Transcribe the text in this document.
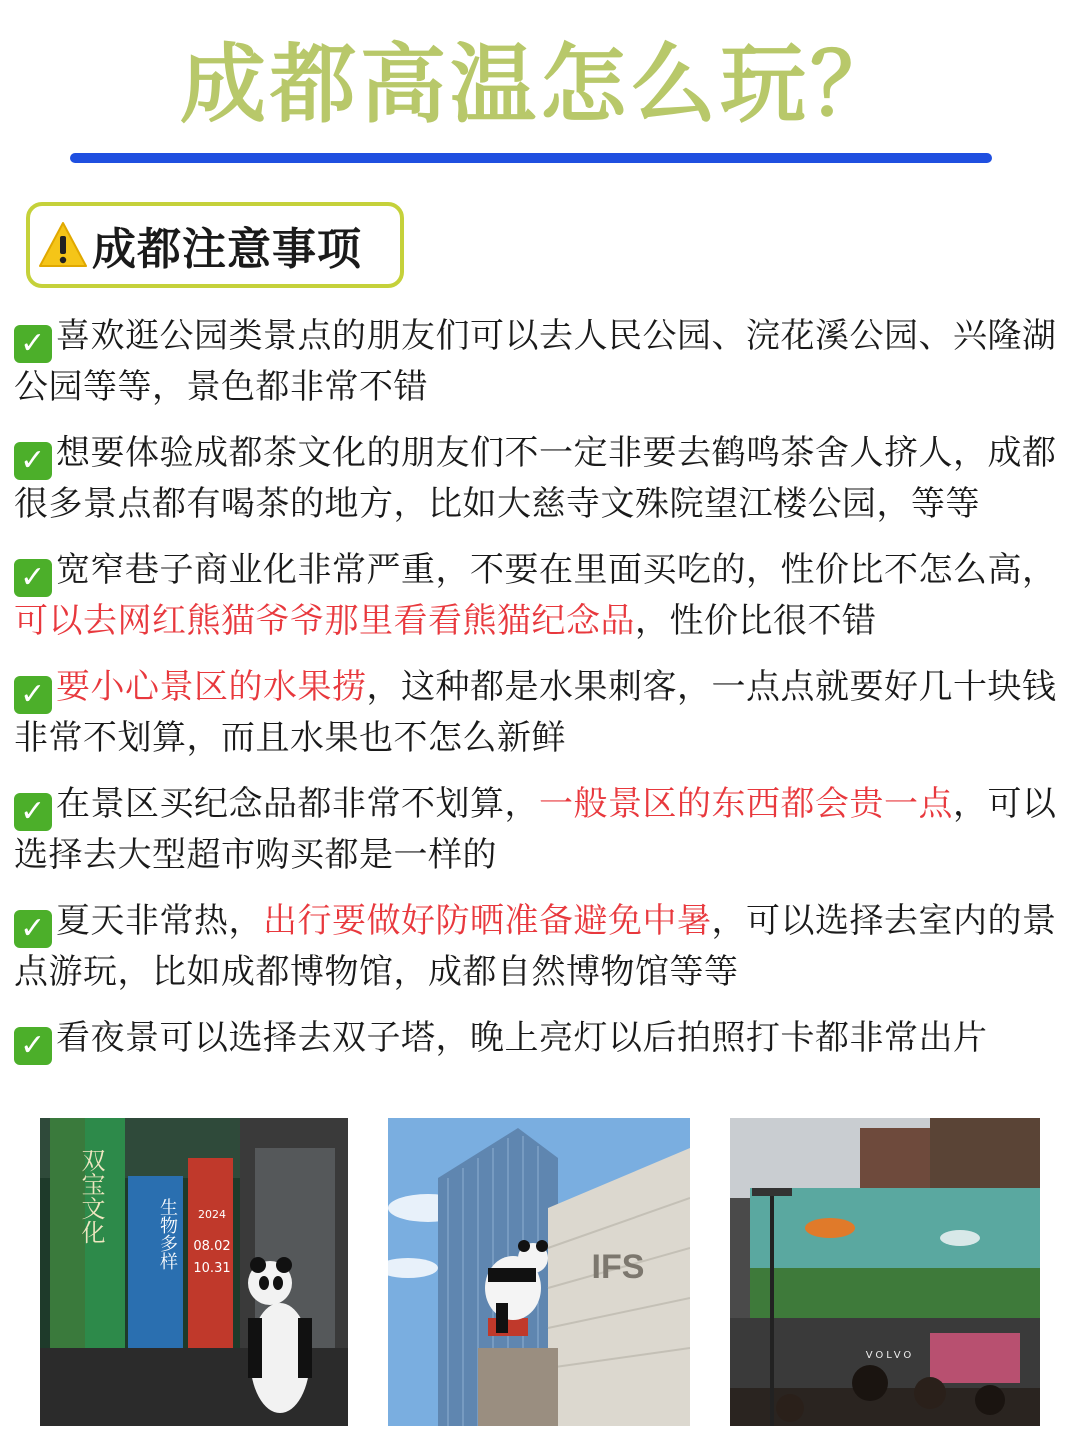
成都高温怎么玩？
成都注意事项
✓ 喜欢逛公园类景点的朋友们可以去人民公园、浣花溪公园、兴隆湖公园等等，景色都非常不错
✓ 想要体验成都茶文化的朋友们不一定非要去鹤鸣茶舍人挤人，成都很多景点都有喝茶的地方，比如大慈寺文殊院望江楼公园，等等
✓ 宽窄巷子商业化非常严重，不要在里面买吃的，性价比不怎么高，可以去网红熊猫爷爷那里看看熊猫纪念品，性价比很不错
✓ 要小心景区的水果捞，这种都是水果刺客，一点点就要好几十块钱非常不划算，而且水果也不怎么新鲜
✓ 在景区买纪念品都非常不划算，一般景区的东西都会贵一点，可以选择去大型超市购买都是一样的
✓ 夏天非常热，出行要做好防晒准备避免中暑，可以选择去室内的景点游玩，比如成都博物馆，成都自然博物馆等等
✓ 看夜景可以选择去双子塔，晚上亮灯以后拍照打卡都非常出片
双宝文化	生物多样 2024
08.02
10.31	IFS
VOLVO
